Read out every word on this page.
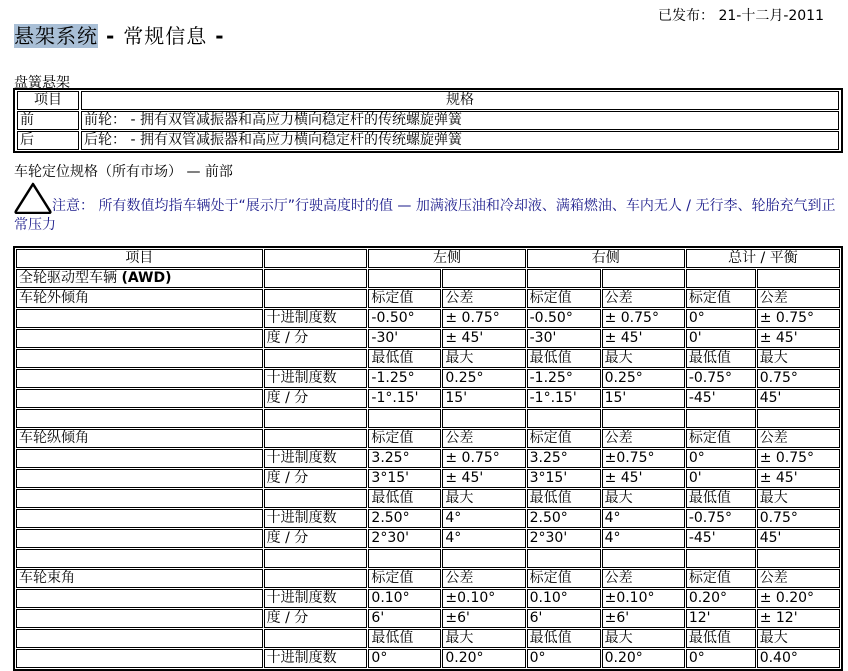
已发布： 21-十二月-2011
悬架系统 - 常规信息 -
盘簧悬架
项目	规格
前	前轮： - 拥有双管减振器和高应力横向稳定杆的传统螺旋弹簧
后	后轮： - 拥有双管减振器和高应力横向稳定杆的传统螺旋弹簧
车轮定位规格（所有市场） — 前部
注意： 所有数值均指车辆处于“展示厅”行驶高度时的值 — 加满液压油和冷却液、满箱燃油、车内无人 / 无行李、轮胎充气到正常压力
项目		左侧		右侧		总计 / 平衡	
全轮驱动型车辆 (AWD)							
车轮外倾角		标定值	公差	标定值	公差	标定值	公差
	十进制度数	-0.50°	± 0.75°	-0.50°	± 0.75°	0°	± 0.75°
	度 / 分	-30'	± 45'	-30'	± 45'	0'	± 45'
		最低值	最大	最低值	最大	最低值	最大
	十进制度数	-1.25°	0.25°	-1.25°	0.25°	-0.75°	0.75°
	度 / 分	-1°.15'	15'	-1°.15'	15'	-45'	45'

车轮纵倾角		标定值	公差	标定值	公差	标定值	公差
	十进制度数	3.25°	± 0.75°	3.25°	±0.75°	0°	± 0.75°
	度 / 分	3°15'	± 45'	3°15'	± 45'	0'	± 45'
		最低值	最大	最低值	最大	最低值	最大
	十进制度数	2.50°	4°	2.50°	4°	-0.75°	0.75°
	度 / 分	2°30'	4°	2°30'	4°	-45'	45'

车轮束角		标定值	公差	标定值	公差	标定值	公差
	十进制度数	0.10°	±0.10°	0.10°	±0.10°	0.20°	± 0.20°
	度 / 分	6'	±6'	6'	±6'	12'	± 12'
		最低值	最大	最低值	最大	最低值	最大
	十进制度数	0°	0.20°	0°	0.20°	0°	0.40°
